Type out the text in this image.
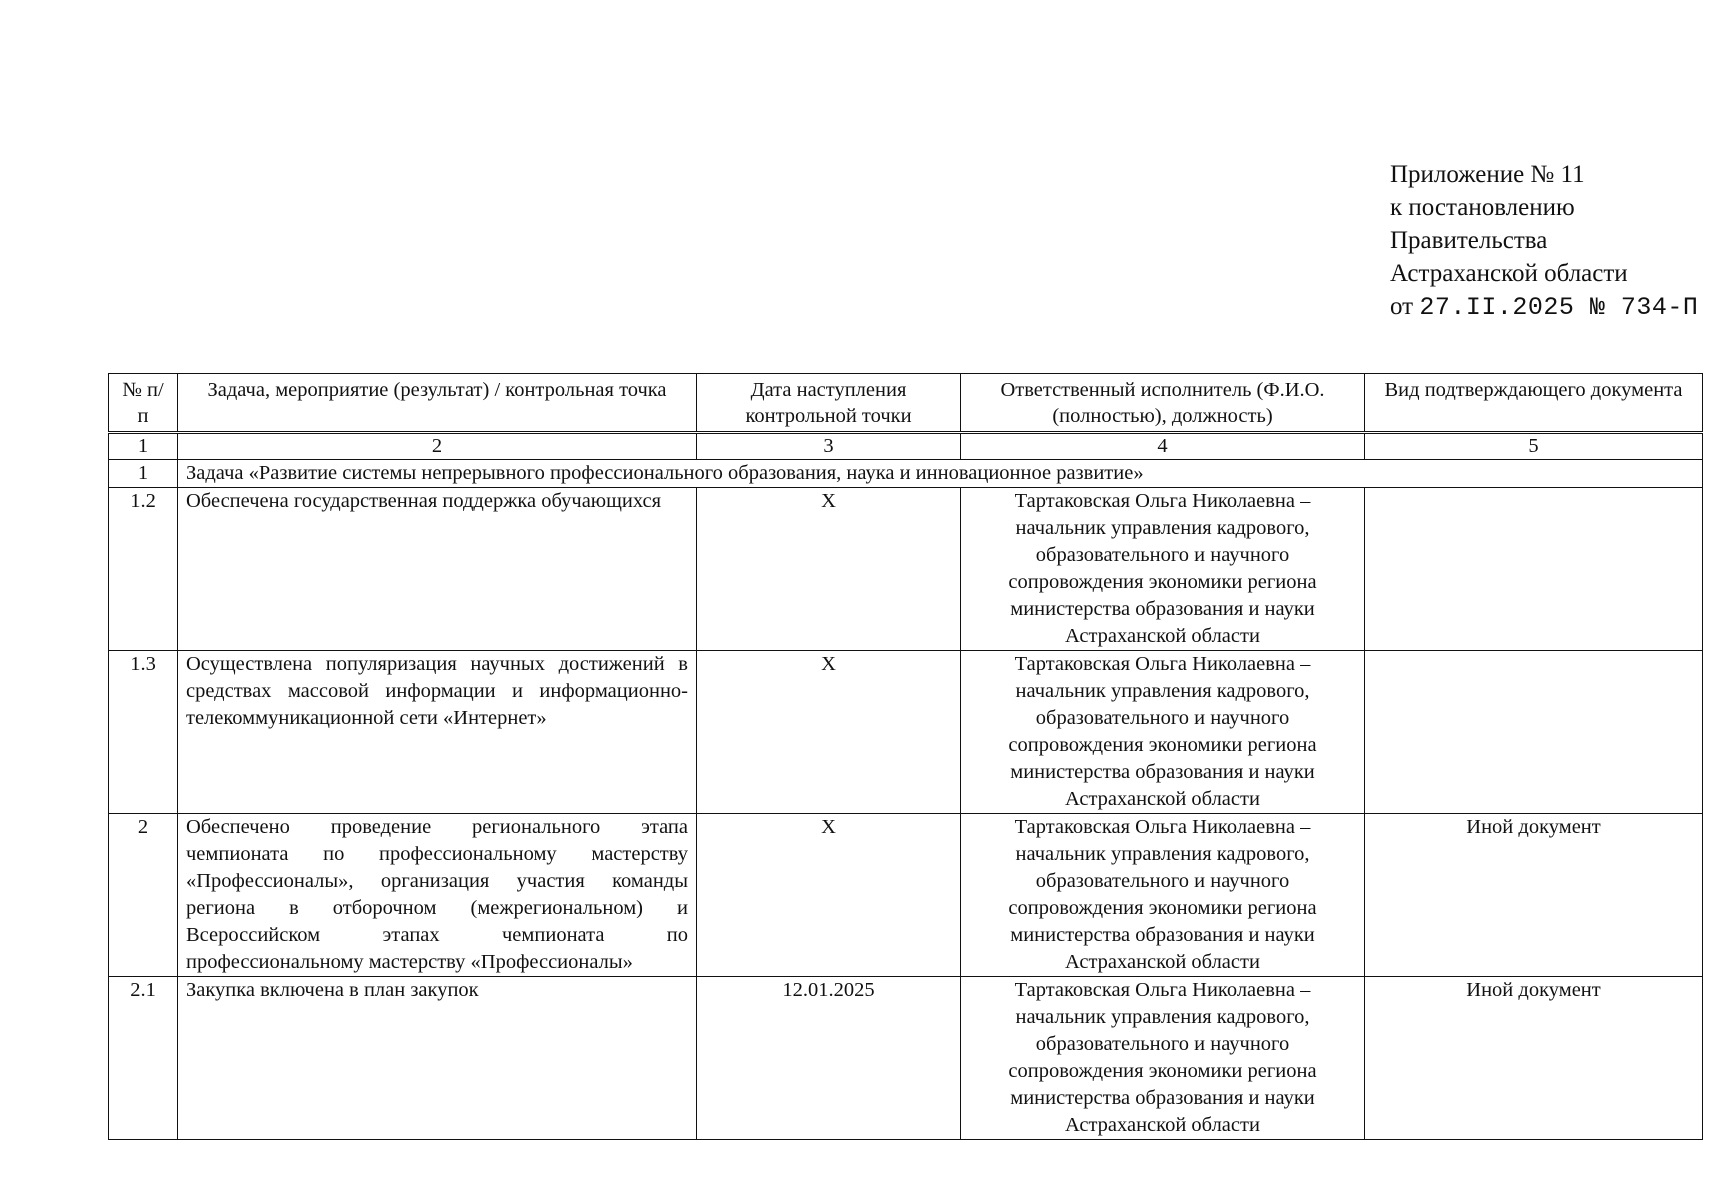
Приложение № 11
к постановлению
Правительства
Астраханской области
от 27.II.2025 № 734-П
№ п/п	Задача, мероприятие (результат) / контрольная точка	Дата наступления контрольной точки	Ответственный исполнитель (Ф.И.О. (полностью), должность)	Вид подтверждающего документа
1	2	3	4	5
1	Задача «Развитие системы непрерывного профессионального образования, наука и инновационное развитие»			
1.2	Обеспечена государственная поддержка обучающихся	X	Тартаковская Ольга Николаевна – начальник управления кадрового, образовательного и научного сопровождения экономики региона министерства образования и науки Астраханской области	
1.3	Осуществлена популяризация научных достижений в средствах массовой информации и информационно-телекоммуникационной сети «Интернет»	X	Тартаковская Ольга Николаевна – начальник управления кадрового, образовательного и научного сопровождения экономики региона министерства образования и науки Астраханской области	
2	Обеспечено проведение регионального этапа чемпионата по профессиональному мастерству «Профессионалы», организация участия команды региона в отборочном (межрегиональном) и Всероссийском этапах чемпионата по профессиональному мастерству «Профессионалы»	X	Тартаковская Ольга Николаевна – начальник управления кадрового, образовательного и научного сопровождения экономики региона министерства образования и науки Астраханской области	Иной документ
2.1	Закупка включена в план закупок	12.01.2025	Тартаковская Ольга Николаевна – начальник управления кадрового, образовательного и научного сопровождения экономики региона министерства образования и науки Астраханской области	Иной документ
